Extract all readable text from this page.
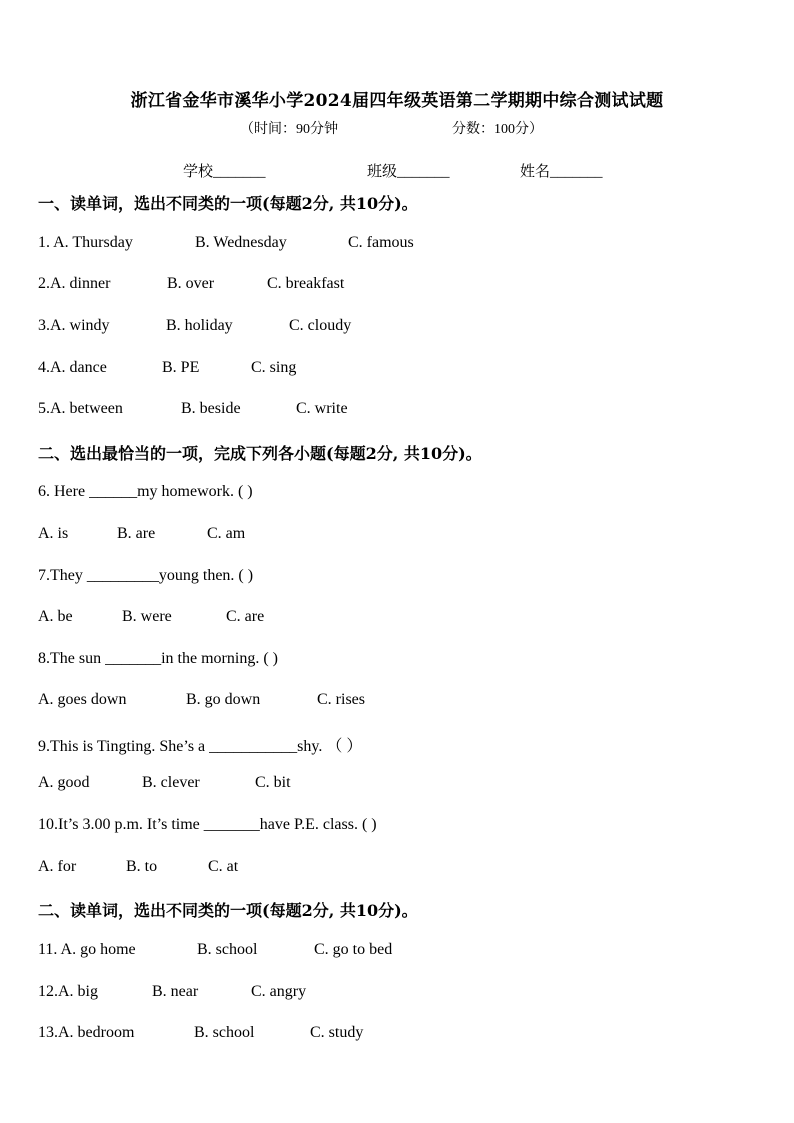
浙江省金华市溪华小学2024届四年级英语第二学期期中综合测试试题
（时间：90分钟	分数：100分）
学校_______	班级_______	姓名_______
一、读单词，选出不同类的一项(每题2分, 共10分)。
1. A. Thursday	B. Wednesday	C. famous
2.A. dinner	B. over	C. breakfast
3.A. windy	B. holiday	C. cloudy
4.A. dance	B. PE	C. sing
5.A. between	B. beside	C. write
二、选出最恰当的一项，完成下列各小题(每题2分, 共10分)。
6. Here ______my homework. ( )
A. is	B. are	C. am
7.They _________young then. ( )
A. be	B. were	C. are
8.The sun _______in the morning. ( )
A. goes down	B. go down	C. rises
9.This is Tingting. She’s a ___________shy. （ ）
A. good	B. clever	C. bit
10.It’s 3.00 p.m. It’s time _______have P.E. class. ( )
A. for	B. to	C. at
二、读单词，选出不同类的一项(每题2分, 共10分)。
11. A. go home	B. school	C. go to bed
12.A. big	B. near	C. angry
13.A. bedroom	B. school	C. study
